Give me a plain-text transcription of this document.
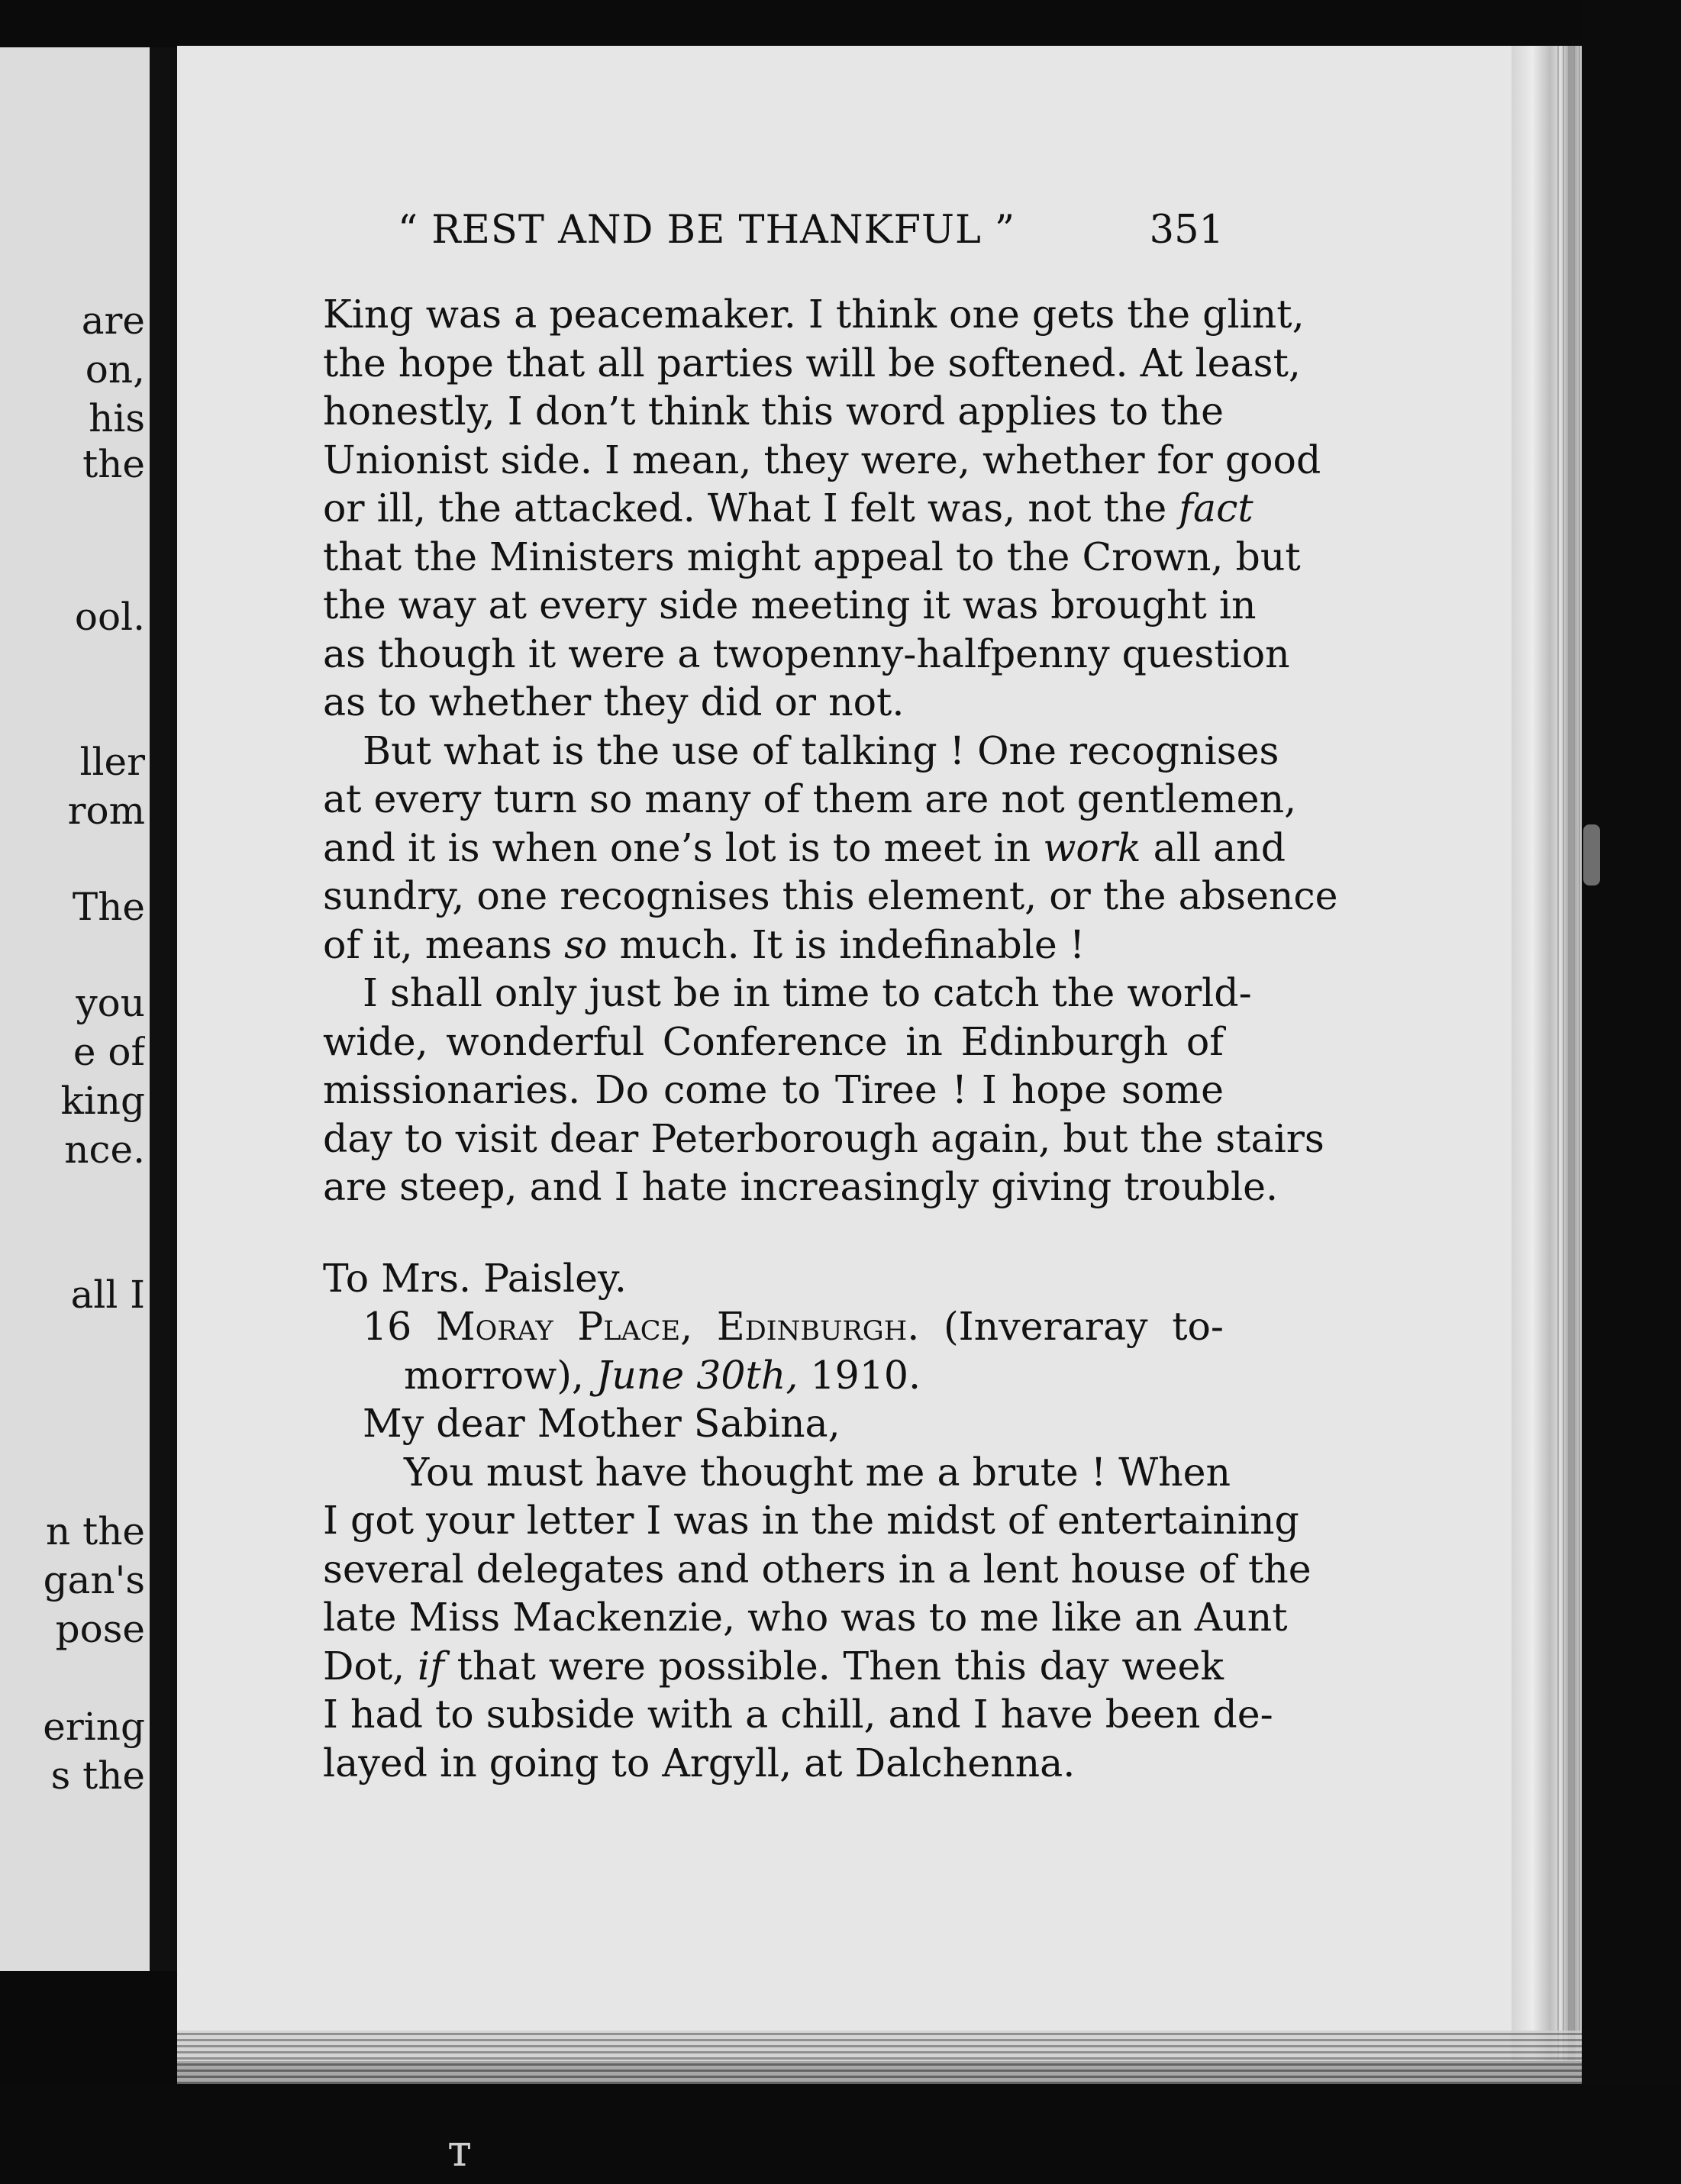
ᴛ
are
on,
his
the
ool.
ller
rom
The
you
e of
king
nce.
all I
n the
gan's
pose
ering
s the
“ REST AND BE THANKFUL ”	351
King was a peacemaker. I think one gets the glint,
the hope that all parties will be softened. At least,
honestly, I don’t think this word applies to the
Unionist side. I mean, they were, whether for good
or ill, the attacked. What I felt was, not the fact
that the Ministers might appeal to the Crown, but
the way at every side meeting it was brought in
as though it were a twopenny-halfpenny question
as to whether they did or not.
But what is the use of talking ! One recognises
at every turn so many of them are not gentlemen,
and it is when one’s lot is to meet in work all and
sundry, one recognises this element, or the absence
of it, means so much. It is indefinable !
I shall only just be in time to catch the world-
wide, wonderful Conference in Edinburgh of
missionaries. Do come to Tiree ! I hope some
day to visit dear Peterborough again, but the stairs
are steep, and I hate increasingly giving trouble.
To Mrs. Paisley.
16 Moray Place, Edinburgh. (Inveraray to-
morrow), June 30th, 1910.
My dear Mother Sabina,
You must have thought me a brute ! When
I got your letter I was in the midst of entertaining
several delegates and others in a lent house of the
late Miss Mackenzie, who was to me like an Aunt
Dot, if that were possible. Then this day week
I had to subside with a chill, and I have been de-
layed in going to Argyll, at Dalchenna.
